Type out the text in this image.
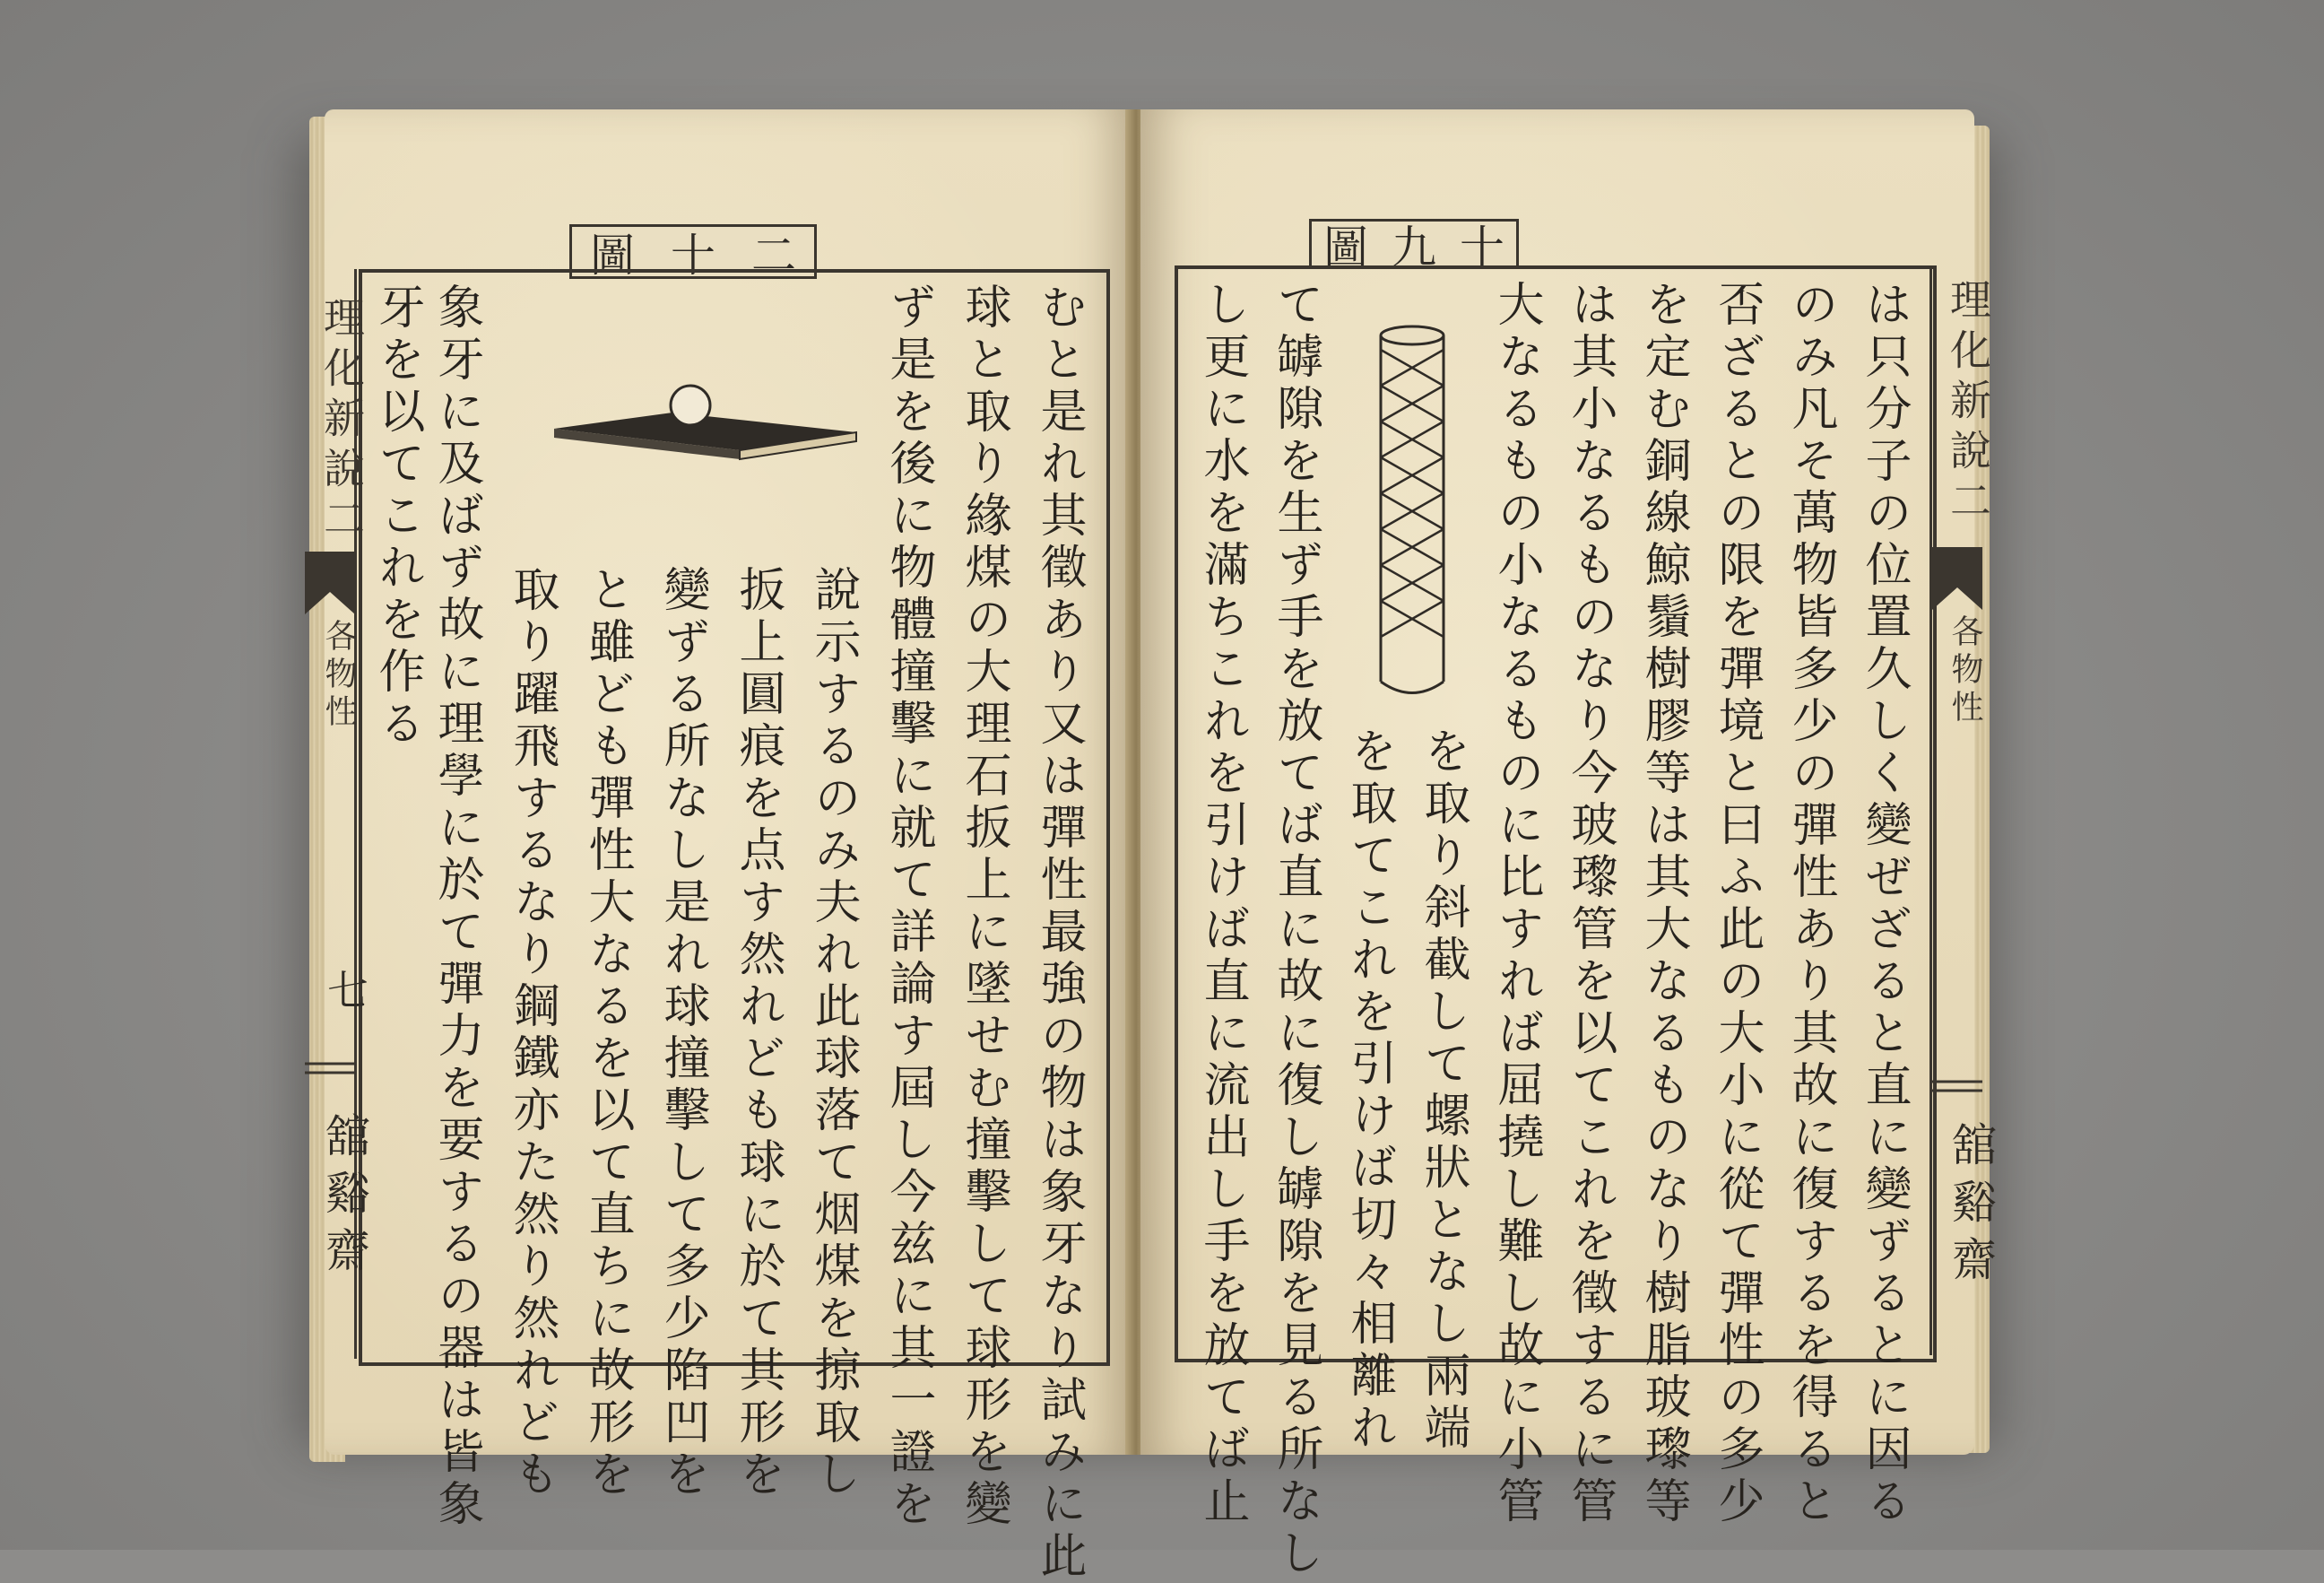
圖 十 二	圖 九 十
理化新說二
各物性
七
舘谿齋
理化新說二
各物性
舘谿齋
むと是れ其徵あり又は彈性最強の物は象牙なり試みに此
球と取り緣煤の大理石扳上に墜せむ撞擊して球形を變
ず是を後に物體撞擊に就て詳論す屆し今兹に其一證を
說示するのみ夫れ此球落て烟煤を掠取し
扳上圓痕を点す然れども球に於て其形を
變ずる所なし是れ球撞擊して多少陷凹を
と雖ども彈性大なるを以て直ちに故形を
取り躍飛するなり鋼鐵亦た然り然れども
象牙に及ばず故に理學に於て彈力を要するの器は皆象
牙を以てこれを作る	は只分子の位置久しく變ぜざると直に變ずるとに因る
のみ凡そ萬物皆多少の彈性あり其故に復するを得ると
否ざるとの限を彈境と曰ふ此の大小に從て彈性の多少
を定む銅線鯨鬚樹膠等は其大なるものなり樹脂玻瓈等
は其小なるものなり今玻瓈管を以てこれを徵するに管
大なるもの小なるものに比すれば屈撓し難し故に小管
を取り斜截して螺狀となし兩端
を取てこれを引けば切々相離れ
て罅隙を生ず手を放てば直に故に復し罅隙を見る所なし
し更に水を滿ちこれを引けば直に流出し手を放てば止
